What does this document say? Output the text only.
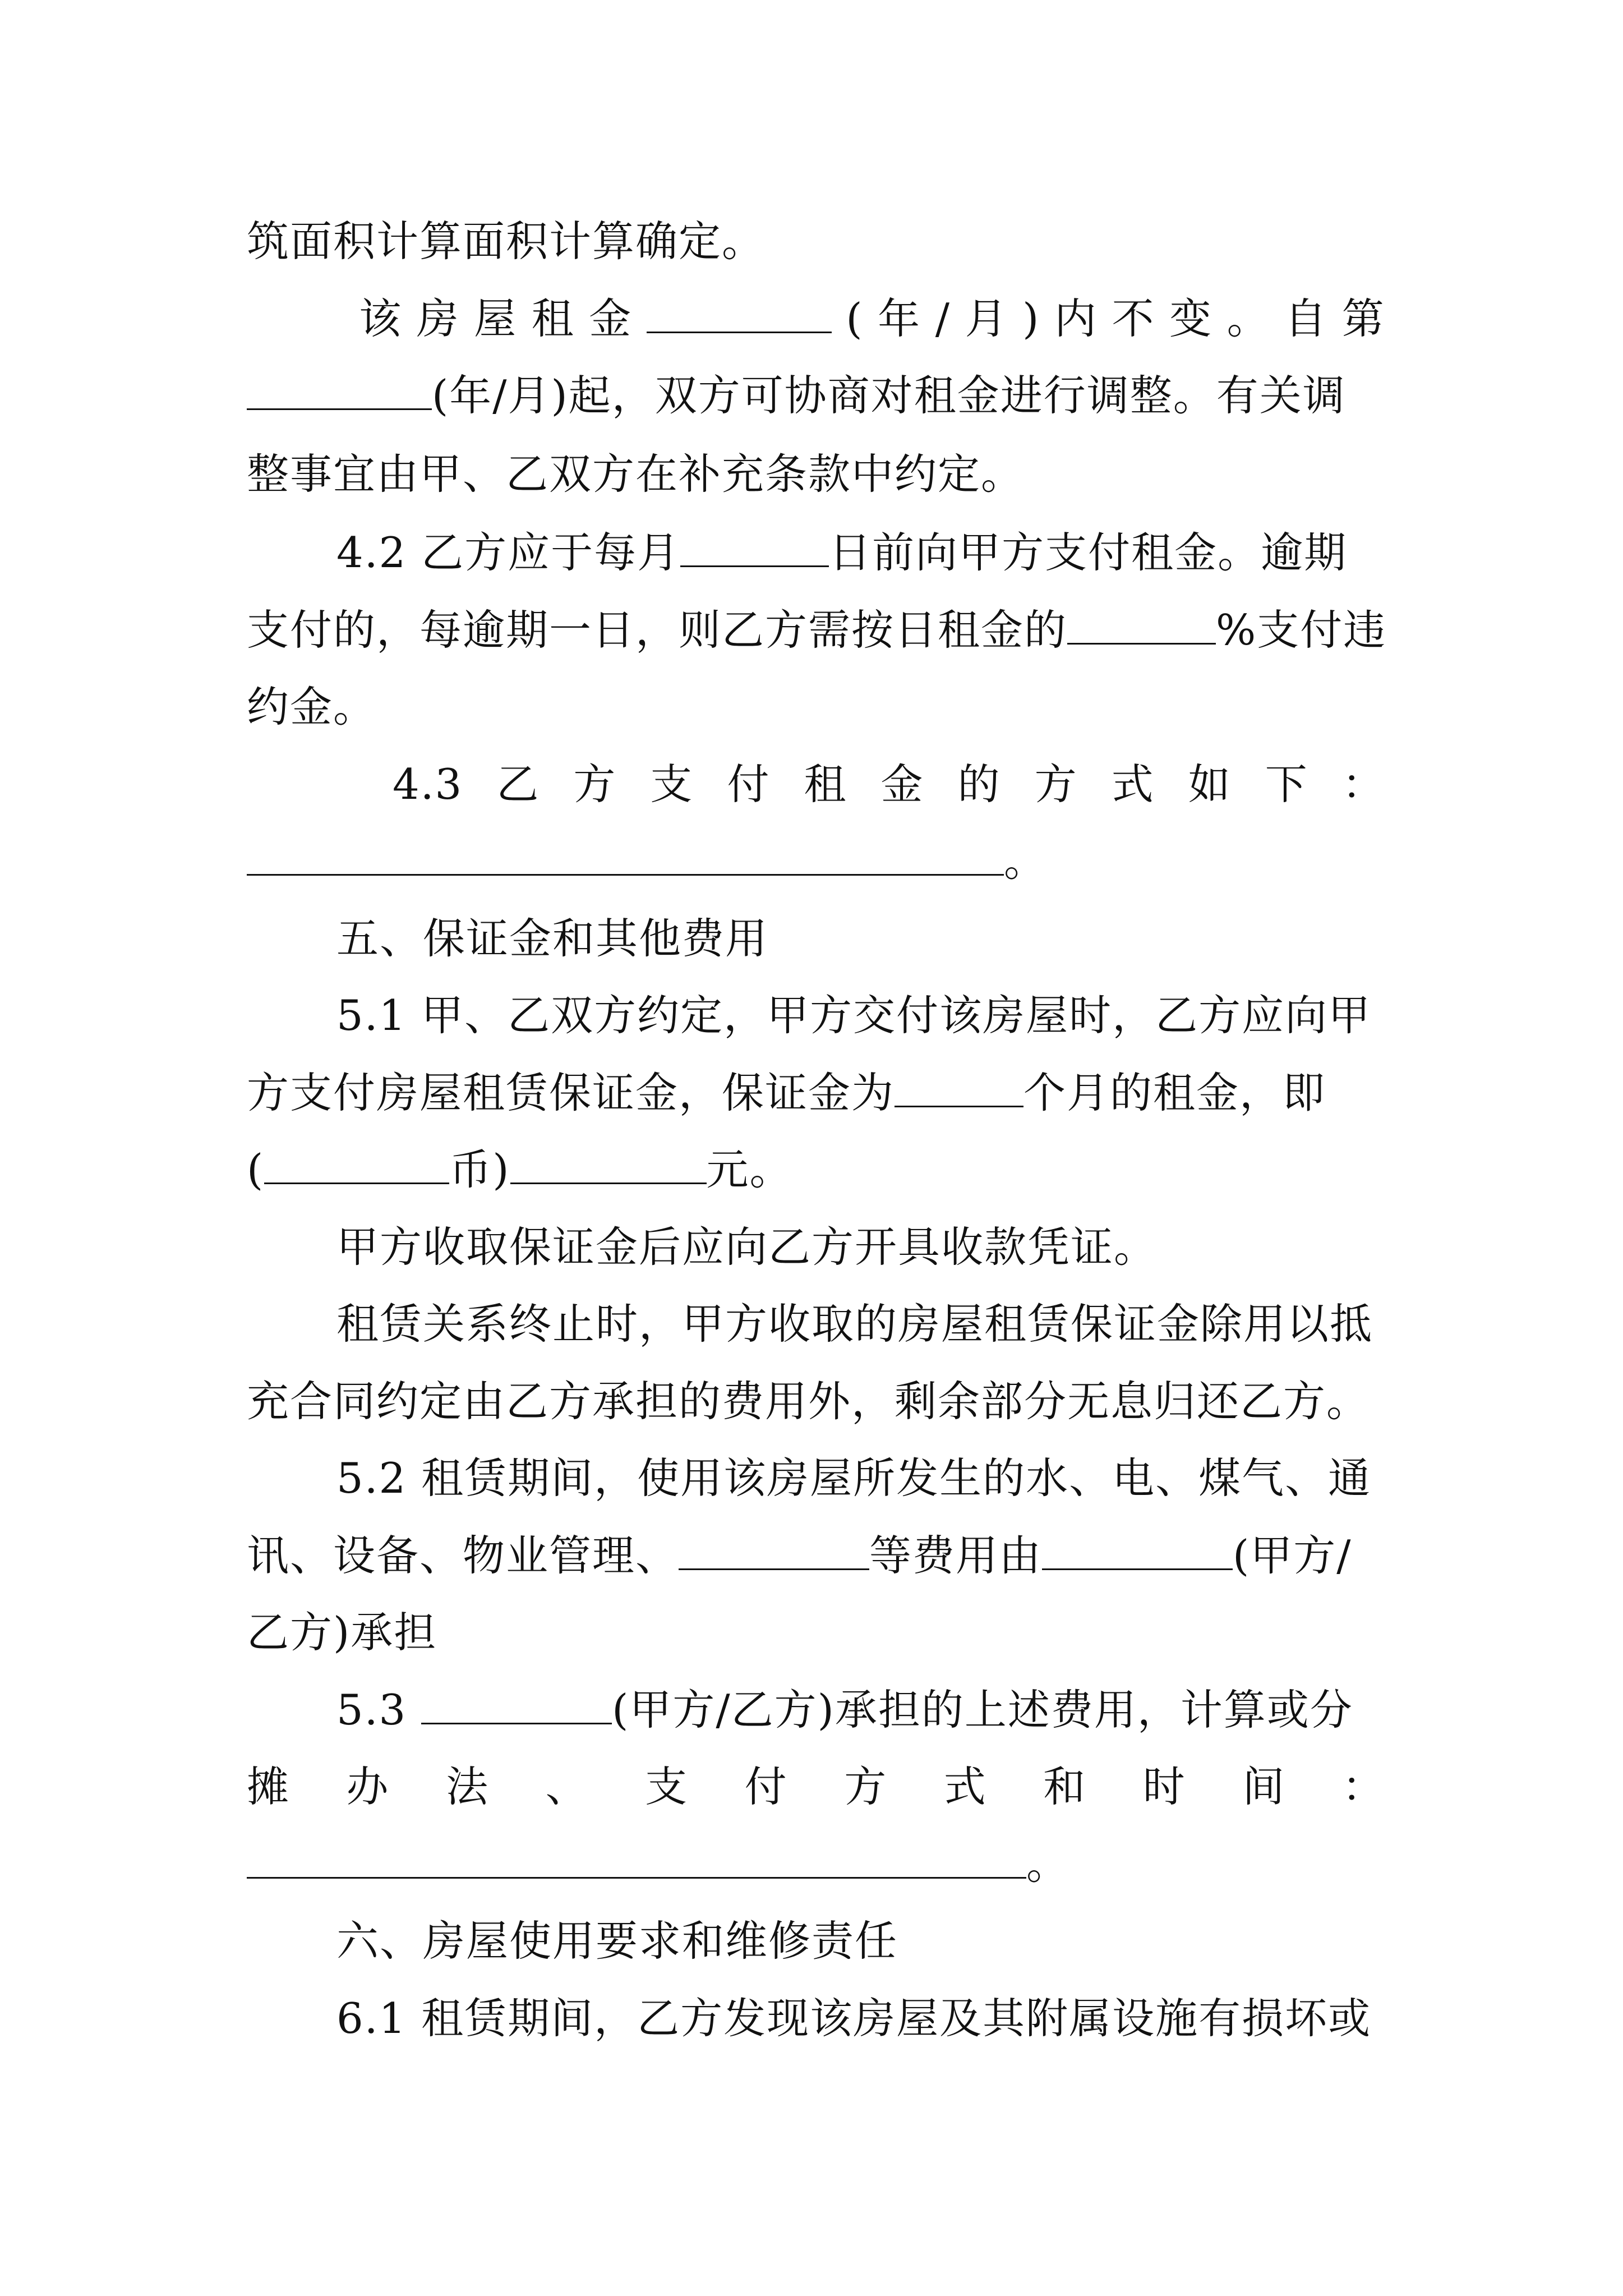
筑面积计算面积计算确定。
该 房 屋 租 金	( 年 / 月 ) 内 不 变 。 自 第
(年/月)起，双方可协商对租金进行调整。有关调
整事宜由甲、乙双方在补充条款中约定。
4.2 乙方应于每月	日前向甲方支付租金。逾期
支付的，每逾期一日，则乙方需按日租金的	%支付违
约金。
4.3 乙 方 支 付 租 金 的 方 式 如 下 ：
。
五、保证金和其他费用
5.1 甲、乙双方约定，甲方交付该房屋时，乙方应向甲
方支付房屋租赁保证金，保证金为	个月的租金，即
(	币)	元。
甲方收取保证金后应向乙方开具收款凭证。
租赁关系终止时，甲方收取的房屋租赁保证金除用以抵
充合同约定由乙方承担的费用外，剩余部分无息归还乙方。
5.2 租赁期间，使用该房屋所发生的水、电、煤气、通
讯、设备、物业管理、	等费用由	(甲方/
乙方)承担
5.3	(甲方/乙方)承担的上述费用，计算或分
摊 办 法 、 支 付 方 式 和 时 间 ：
。
六、房屋使用要求和维修责任
6.1 租赁期间，乙方发现该房屋及其附属设施有损坏或
